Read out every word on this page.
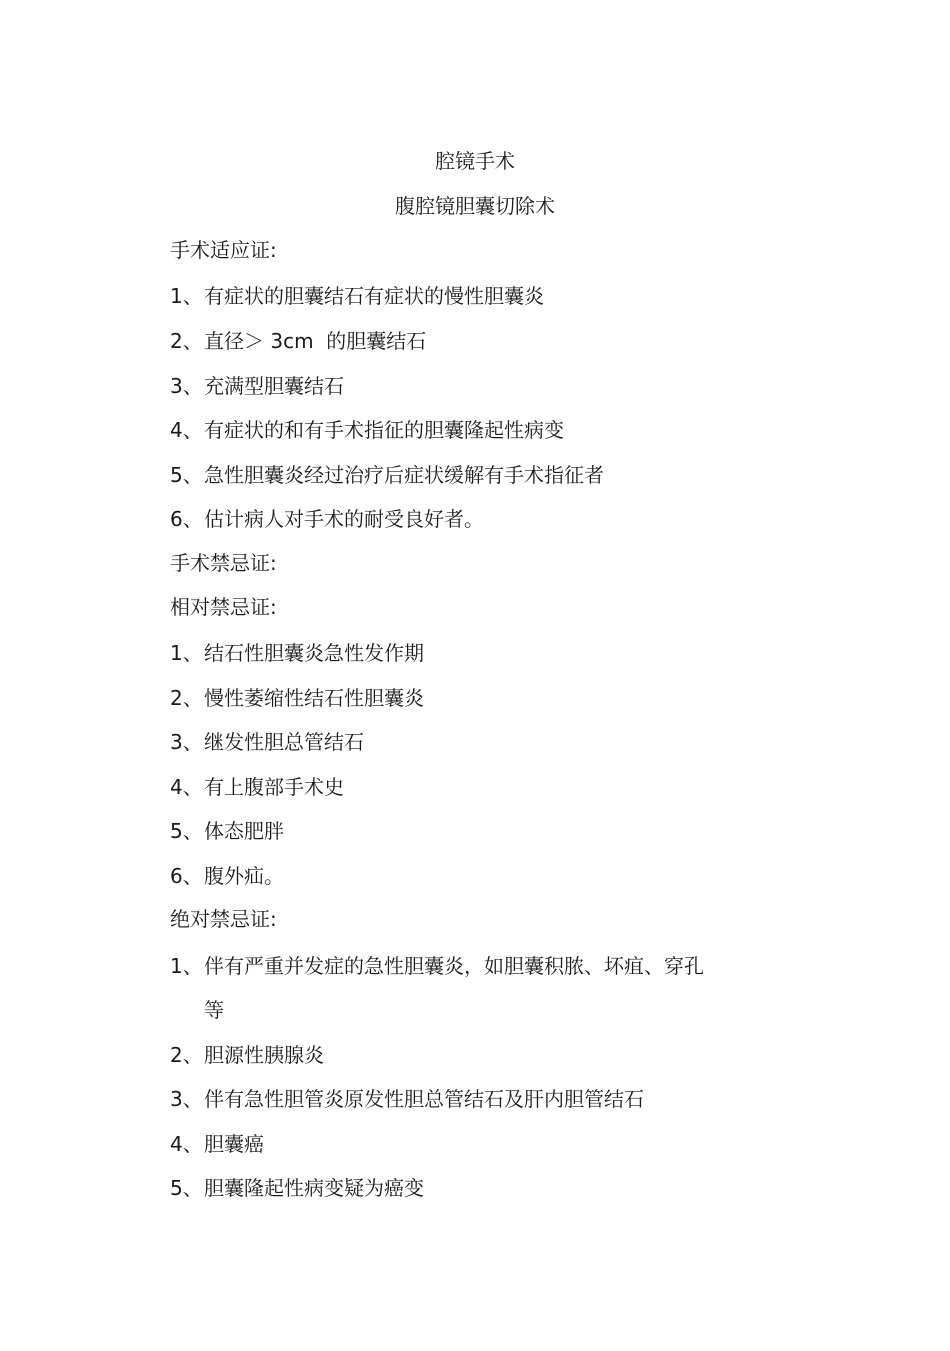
腔镜手术
腹腔镜胆囊切除术
手术适应证:
1、有症状的胆囊结石有症状的慢性胆囊炎
2、直径＞ 3cm  的胆囊结石
3、充满型胆囊结石
4、有症状的和有手术指征的胆囊隆起性病变
5、急性胆囊炎经过治疗后症状缓解有手术指征者
6、估计病人对手术的耐受良好者。
手术禁忌证:
相对禁忌证:
1、结石性胆囊炎急性发作期
2、慢性萎缩性结石性胆囊炎
3、继发性胆总管结石
4、有上腹部手术史
5、体态肥胖
6、腹外疝。
绝对禁忌证:
1、伴有严重并发症的急性胆囊炎，如胆囊积脓、坏疽、穿孔
等
2、胆源性胰腺炎
3、伴有急性胆管炎原发性胆总管结石及肝内胆管结石
4、胆囊癌
5、胆囊隆起性病变疑为癌变
